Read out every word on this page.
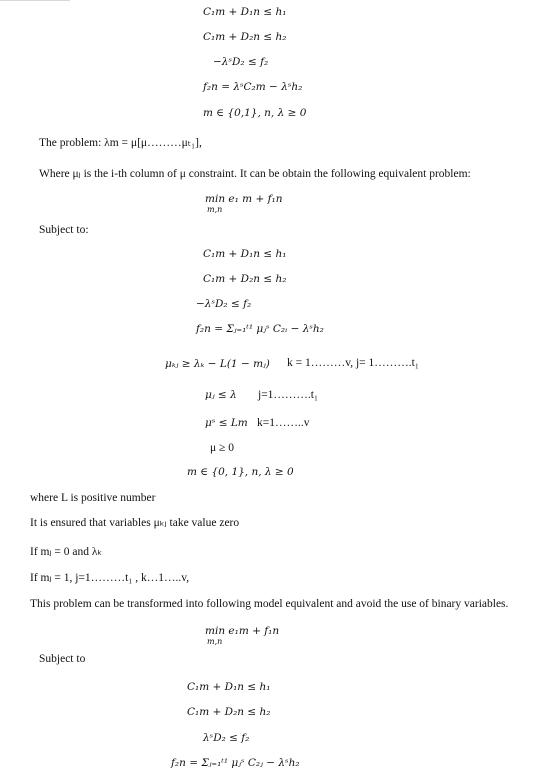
C₁m + D₁n ≤ h₁
C₁m + D₂n ≤ h₂
−λˢD₂ ≤ f₂
f₂n = λˢC₂m − λˢh₂
m ∈ {0,1}, n, λ ≥ 0
The problem: λm = μ[μ………μₜ₁],
Where μⱼ is the i-th column of μ constraint. It can be obtain the following equivalent problem:
min e₁ m + f₁n
m,n
Subject to:
C₁m + D₁n ≤ h₁
C₁m + D₂n ≤ h₂
−λˢD₂ ≤ f₂
f₂n = Σⱼ₌₁ᵗ¹ μⱼˢ C₂ᵢ − λˢh₂
μₖⱼ ≥ λₖ − L(1 − mⱼ) k = 1………v, j= 1……….t₁
μⱼ ≤ λ j=1……….t₁
μˢ ≤ Lm k=1……..v
μ ≥ 0
m ∈ {0, 1}, n, λ ≥ 0
where L is positive number
It is ensured that variables μₖⱼ take value zero
If mⱼ = 0 and λₖ
If mⱼ = 1, j=1………t₁ , k…1…..v,
This problem can be transformed into following model equivalent and avoid the use of binary variables.
min e₁m + f₁n
m,n
Subject to
C₁m + D₁n ≤ h₁
C₁m + D₂n ≤ h₂
λˢD₂ ≤ f₂
f₂n = Σⱼ₌₁ᵗ¹ μⱼˢ C₂ⱼ − λˢh₂
